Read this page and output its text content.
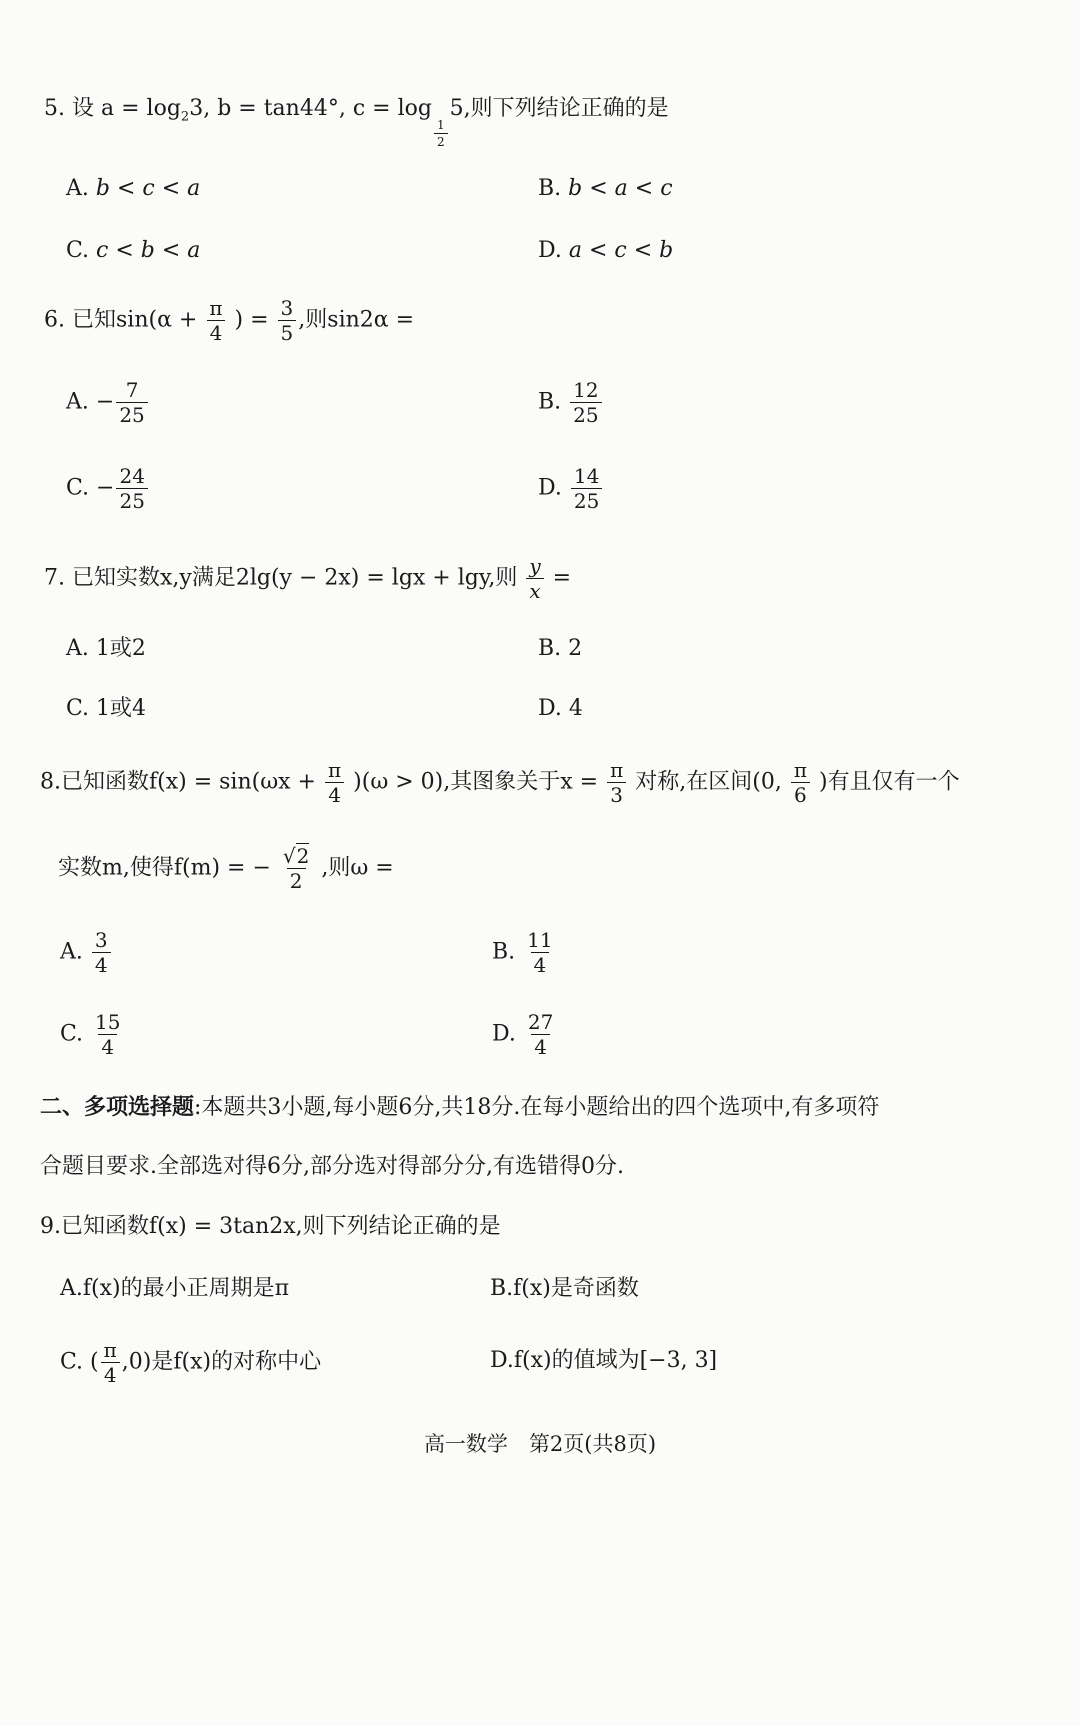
5. 设 $a = \log_23$, b = tan44°, c = log
$\frac{1}{2}$
5,则下列结论正确的是
A. b < c < a	B. b < a < c
C. c < b < a	D. a < c < b
6. 已知$\sin(\alpha + \frac{\pi}{4}$ ) = $\frac{3}{5}$ ,则sin2α =
A. − $\frac{7}{25}$	B. $\frac{12}{25}$
C. − $\frac{24}{25}$	D. $\frac{14}{25}$
7. 已知实数x,y满足2lg(y − 2x) = lgx + lgy,则 $\frac{y}{x}$ =
A. 1或2	B. 2
C. 1或4	D. 4
8.已知函数$f(x) = \sin(\omega x + \frac{\pi}{4} )(\omega > 0)$,其图象关于$x = \frac{\pi}{3}$ 对称,在区间(0, $\frac{\pi}{6}$ )有且仅有一个
实数m,使得f(m) = − $\frac{√2}{2}$ ,则ω =
A. $\frac{3}{4}$	B. $\frac{11}{4}$
C. $\frac{15}{4}$	D. $\frac{27}{4}$
二、多项选择题:本题共3小题,每小题6分,共18分.在每小题给出的四个选项中,有多项符
合题目要求.全部选对得6分,部分选对得部分分,有选错得0分.
9.已知函数f(x) = 3tan2x,则下列结论正确的是
A.f(x)的最小正周期是π	B.f(x)是奇函数
C. ( $\frac{\pi}{4} ,0$)是f(x)的对称中心	D.f(x)的值域为[−3, 3]
高一数学　第2页(共8页)
